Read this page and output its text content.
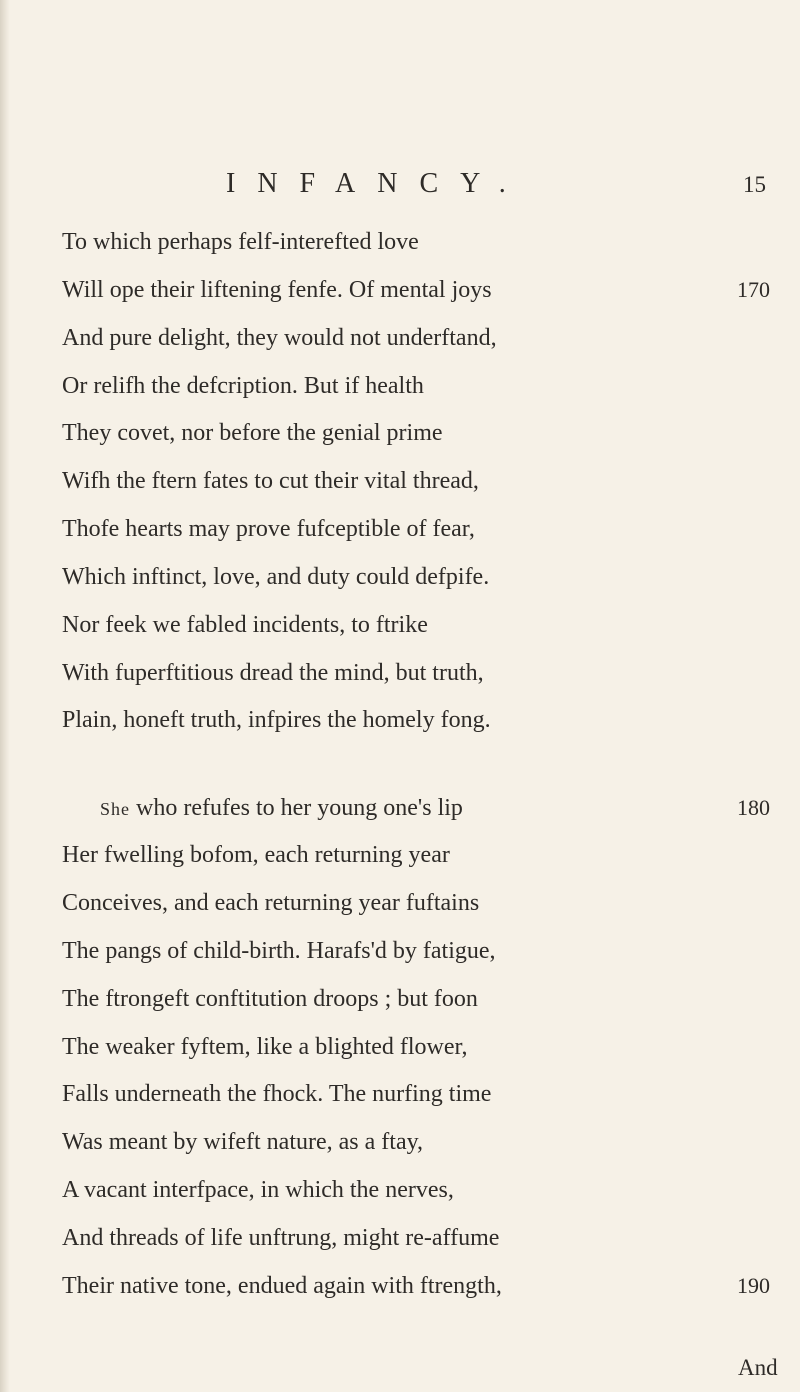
INFANCY.	15
To which perhaps felf-interefted love
Will ope their liftening fenfe. Of mental joys
And pure delight, they would not underftand,
Or relifh the defcription. But if health
They covet, nor before the genial prime
Wifh the ftern fates to cut their vital thread,
Thofe hearts may prove fufceptible of fear,
Which inftinct, love, and duty could defpife.
Nor feek we fabled incidents, to ftrike
With fuperftitious dread the mind, but truth,
Plain, honeft truth, infpires the homely fong.
170
She who refufes to her young one's lip	180
Her fwelling bofom, each returning year
Conceives, and each returning year fuftains
The pangs of child-birth. Harafs'd by fatigue,
The ftrongeft conftitution droops ; but foon
The weaker fyftem, like a blighted flower,
Falls underneath the fhock. The nurfing time
Was meant by wifeft nature, as a ftay,
A vacant interfpace, in which the nerves,
And threads of life unftrung, might re-affume
Their native tone, endued again with ftrength,	190
And
